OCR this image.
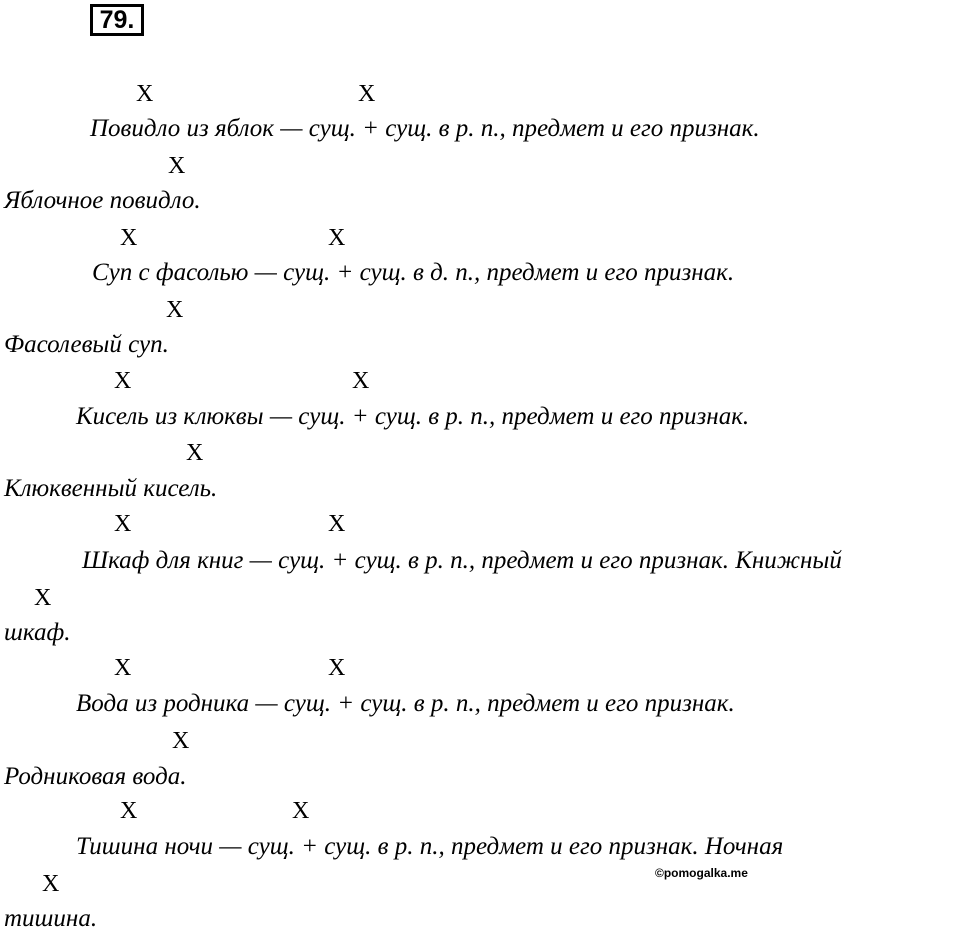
79.
X	X
Повидло из яблок — сущ. + сущ. в р. п., предмет и его признак.
X
Яблочное повидло.
X	X
Суп с фасолью — сущ. + сущ. в д. п., предмет и его признак.
X
Фасолевый суп.
X	X
Кисель из клюквы — сущ. + сущ. в р. п., предмет и его признак.
X
Клюквенный кисель.
X	X
Шкаф для книг — сущ. + сущ. в р. п., предмет и его признак. Книжный
X
шкаф.
X	X
Вода из родника — сущ. + сущ. в р. п., предмет и его признак.
X
Родниковая вода.
X	X
Тишина ночи — сущ. + сущ. в р. п., предмет и его признак. Ночная
X
тишина.
©pomogalka.me
